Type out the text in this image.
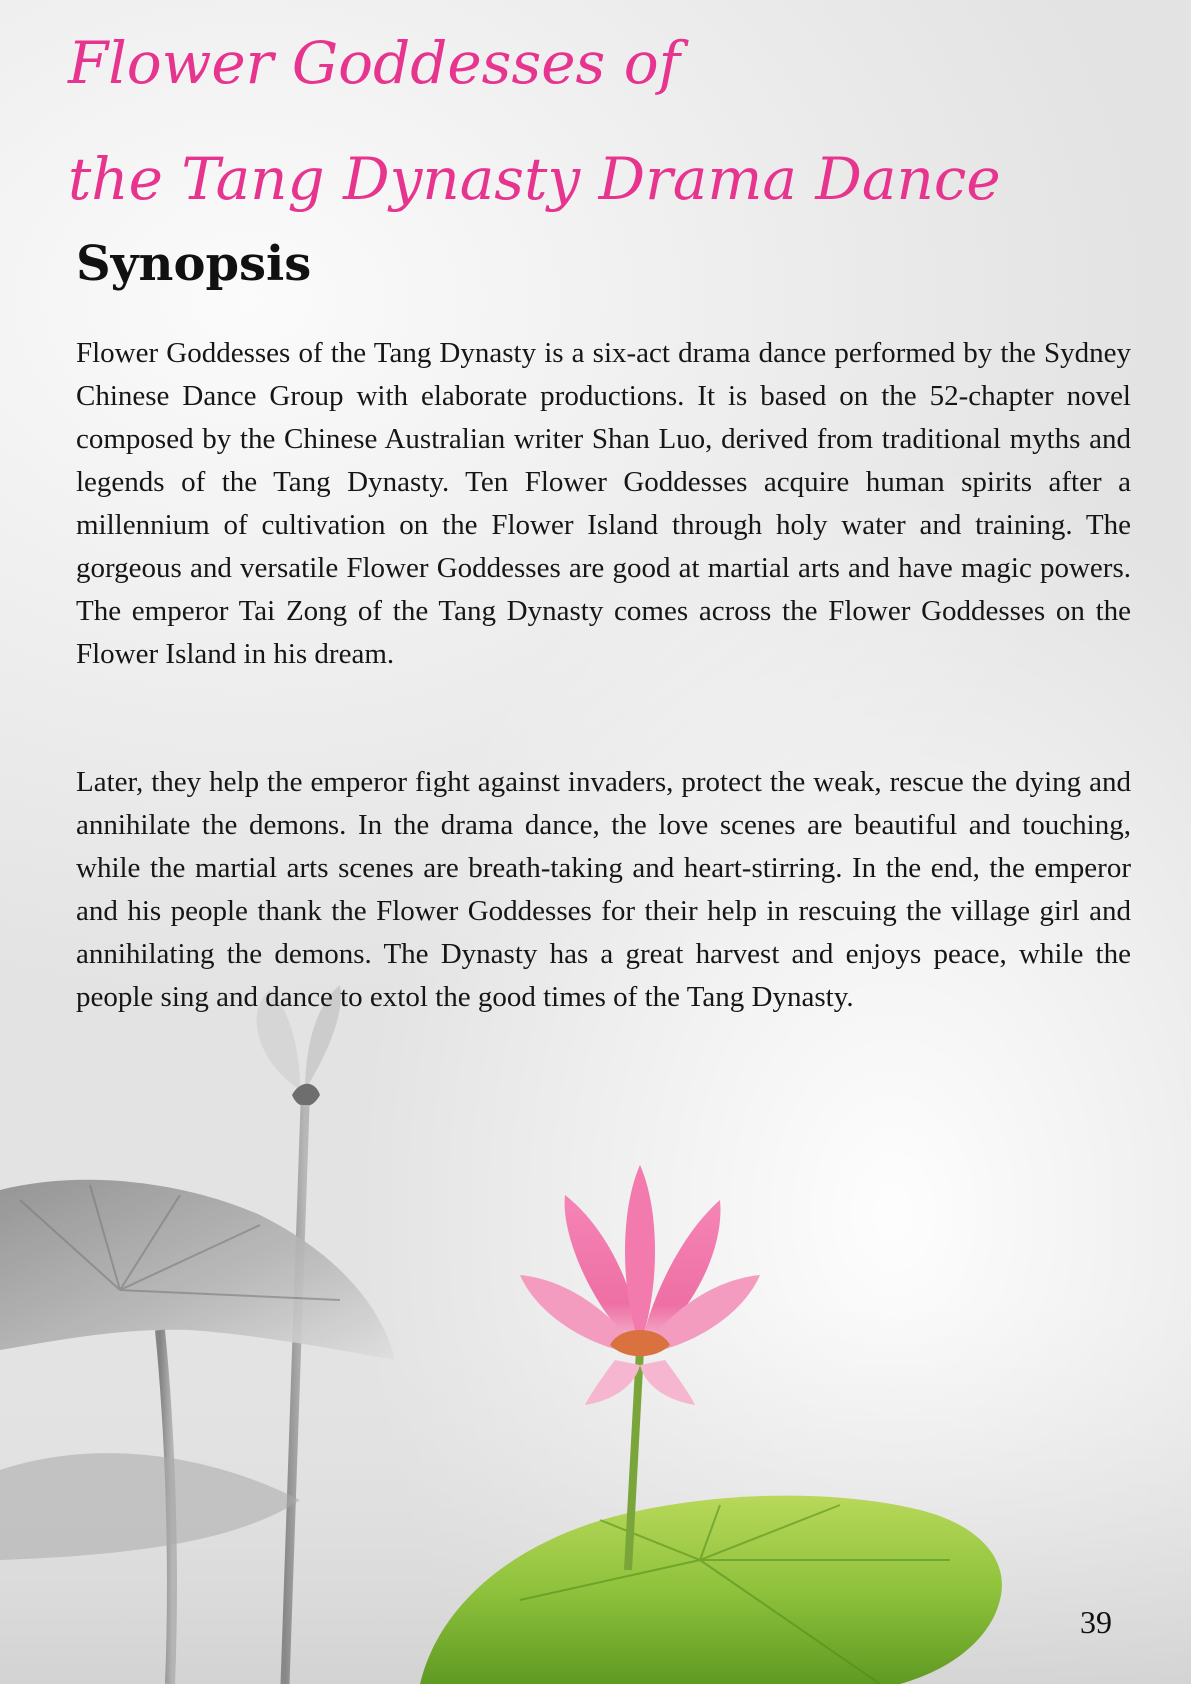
Flower Goddesses of
the Tang Dynasty Drama Dance
Synopsis

Flower Goddesses of the Tang Dynasty is a six-act drama dance performed by the Sydney Chinese Dance Group with elaborate productions. It is based on the 52-chapter novel composed by the Chinese Australian writer Shan Luo, derived from traditional myths and legends of the Tang Dynasty. Ten Flower Goddesses acquire human spirits after a millennium of cultivation on the Flower Island through holy water and training. The gorgeous and versatile Flower Goddesses are good at martial arts and have magic powers. The emperor Tai Zong of the Tang Dynasty comes across the Flower Goddesses on the Flower Island in his dream.

Later, they help the emperor fight against invaders, protect the weak, rescue the dying and annihilate the demons. In the drama dance, the love scenes are beautiful and touching, while the martial arts scenes are breath-taking and heart-stirring. In the end, the emperor and his people thank the Flower Goddesses for their help in rescuing the village girl and annihilating the demons. The Dynasty has a great harvest and enjoys peace, while the people sing and dance to extol the good times of the Tang Dynasty.

39
